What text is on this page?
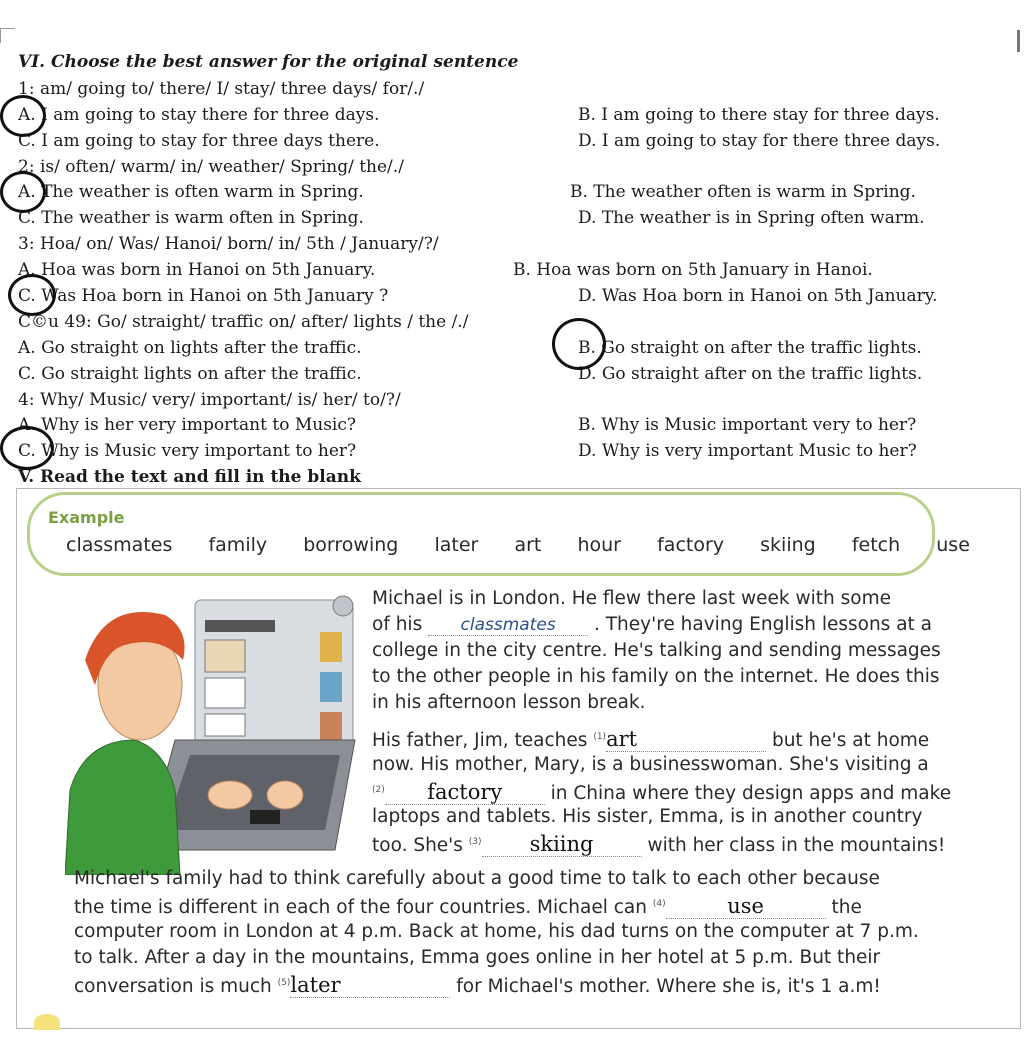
VI. Choose the best answer for the original sentence
1: am/ going to/ there/ I/ stay/ three days/ for/./
A. I am going to stay there for three days.	B. I am going to there stay for three days.
C. I am going to stay for three days there.	D. I am going to stay for there three days.
2: is/ often/ warm/ in/ weather/ Spring/ the/./
A. The weather is often warm in Spring.	B. The weather often is warm in Spring.
C. The weather is warm often in Spring.	D. The weather is in Spring often warm.
3: Hoa/ on/ Was/ Hanoi/ born/ in/ 5th / January/?/
A. Hoa was born in Hanoi on 5th January.	B. Hoa was born on 5th January in Hanoi.
C. Was Hoa born in Hanoi on 5th January ?	D. Was Hoa born in Hanoi on 5th January.
C©u 49: Go/ straight/ traffic on/ after/ lights / the /./
A. Go straight on lights after the traffic.	B. Go straight on after the traffic lights.
C. Go straight lights on after the traffic.	D. Go straight after on the traffic lights.
4: Why/ Music/ very/ important/ is/ her/ to/?/
A. Why is her very important to Music?	B. Why is Music important very to her?
C. Why is Music very important to her?	D. Why is very important Music to her?
V. Read the text and fill in the blank
Example
classmates   family   borrowing   later   art   hour   factory   skiing   fetch   use
Michael is in London. He flew there last week with some
of his classmates . They're having English lessons at a
college in the city centre. He's talking and sending messages
to the other people in his family on the internet. He does this
in his afternoon lesson break.
His father, Jim, teaches $^{(1)}$art	but he's at home
now. His mother, Mary, is a businesswoman. She's visiting a
$^{(2)}$ factory	in China where they design apps and make
laptops and tablets. His sister, Emma, is in another country
too. She's $^{(3)}$ skiing	with her class in the mountains!
Michael's family had to think carefully about a good time to talk to each other because
the time is different in each of the four countries. Michael can $^{(4)}$	use	the
computer room in London at 4 p.m. Back at home, his dad turns on the computer at 7 p.m.
to talk. After a day in the mountains, Emma goes online in her hotel at 5 p.m. But their
conversation is much $^{(5)}$later	for Michael's mother. Where she is, it's 1 a.m!
